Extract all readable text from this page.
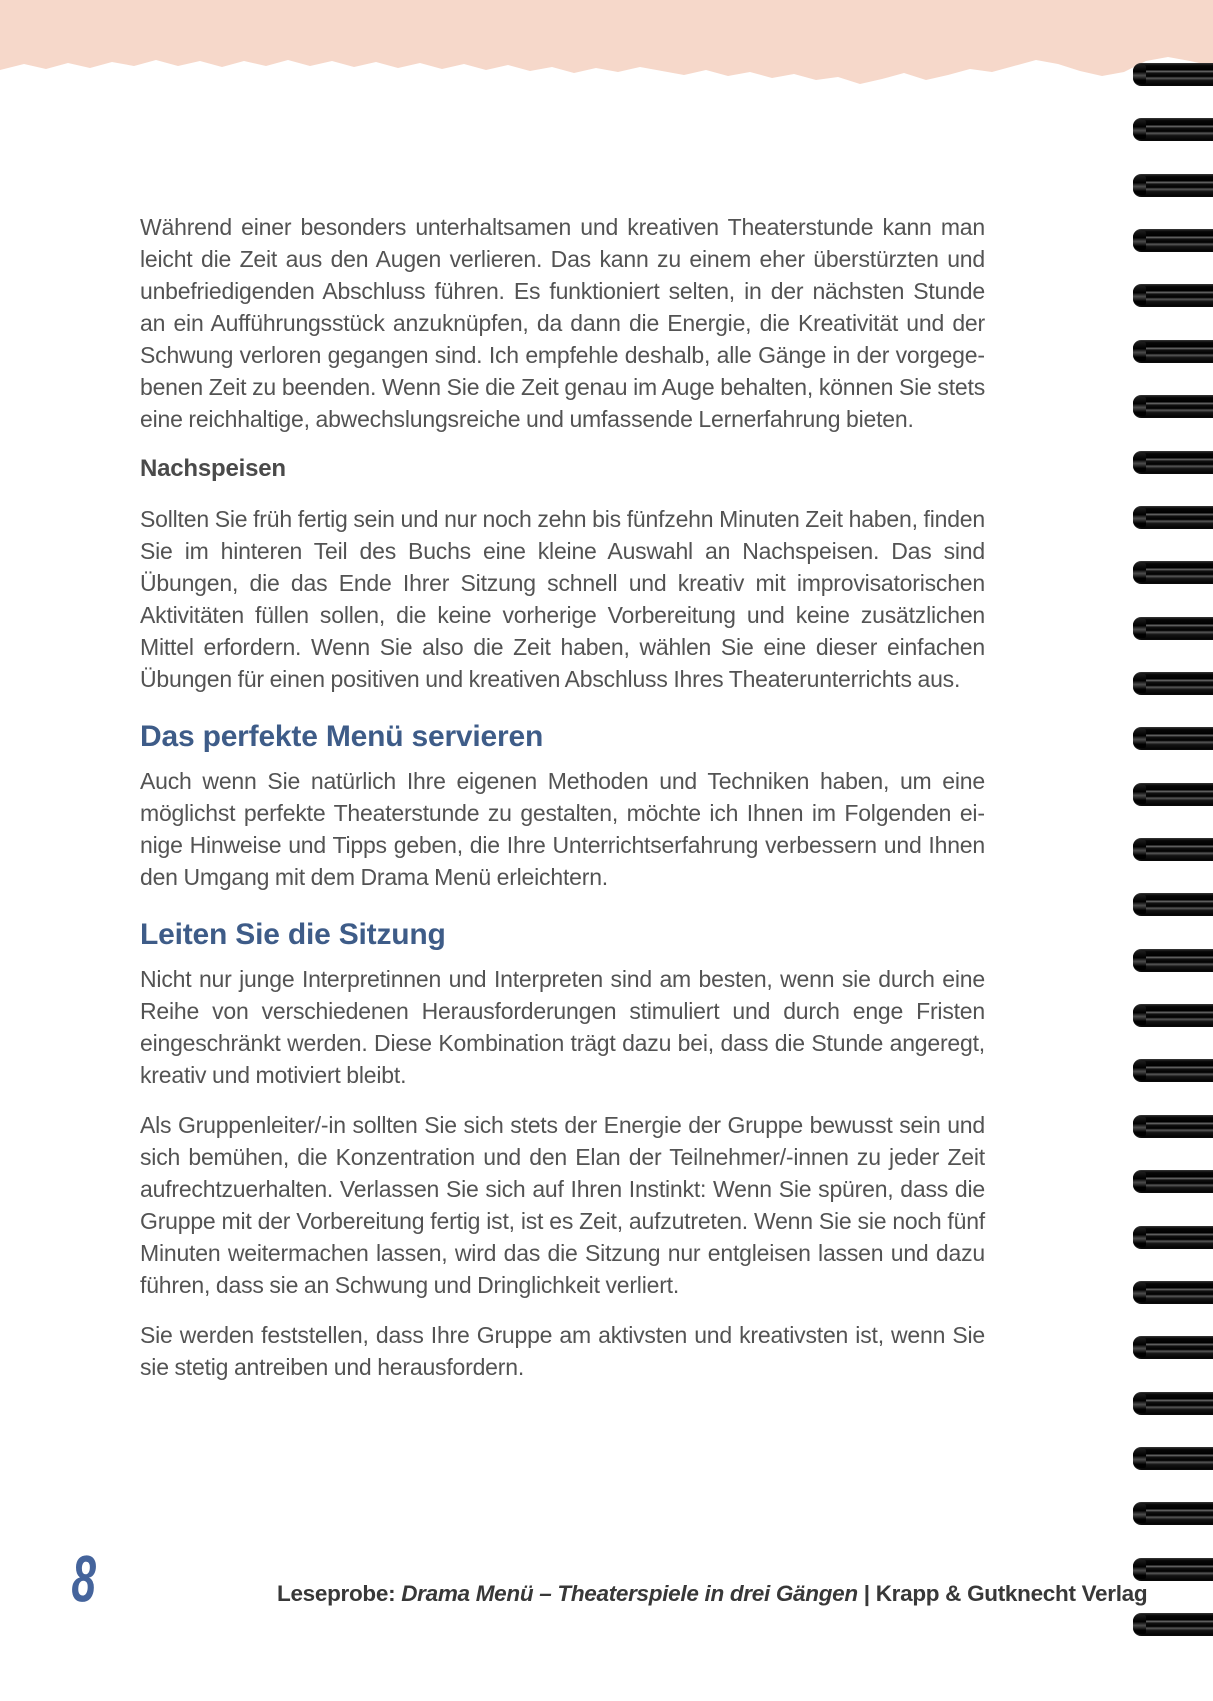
Während einer besonders unterhaltsamen und kreativen Theaterstunde kann man leicht die Zeit aus den Augen verlieren. Das kann zu einem eher überstürzten und unbefriedigenden Abschluss führen. Es funktioniert selten, in der nächsten Stunde an ein Aufführungsstück anzuknüpfen, da dann die Energie, die Kreativität und der Schwung verloren gegangen sind. Ich empfehle deshalb, alle Gänge in der vorgegebenen Zeit zu beenden. Wenn Sie die Zeit genau im Auge behalten, können Sie stets eine reichhaltige, abwechslungsreiche und umfassende Lernerfahrung bieten.

Nachspeisen

Sollten Sie früh fertig sein und nur noch zehn bis fünfzehn Minuten Zeit haben, finden Sie im hinteren Teil des Buchs eine kleine Auswahl an Nachspeisen. Das sind Übungen, die das Ende Ihrer Sitzung schnell und kreativ mit improvisatorischen Aktivitäten füllen sollen, die keine vorherige Vorbereitung und keine zusätzlichen Mittel erfordern. Wenn Sie also die Zeit haben, wählen Sie eine dieser einfachen Übungen für einen positiven und kreativen Abschluss Ihres Theaterunterrichts aus.

Das perfekte Menü servieren

Auch wenn Sie natürlich Ihre eigenen Methoden und Techniken haben, um eine möglichst perfekte Theaterstunde zu gestalten, möchte ich Ihnen im Folgenden einige Hinweise und Tipps geben, die Ihre Unterrichtserfahrung verbessern und Ihnen den Umgang mit dem Drama Menü erleichtern.

Leiten Sie die Sitzung

Nicht nur junge Interpretinnen und Interpreten sind am besten, wenn sie durch eine Reihe von verschiedenen Herausforderungen stimuliert und durch enge Fristen eingeschränkt werden. Diese Kombination trägt dazu bei, dass die Stunde angeregt, kreativ und motiviert bleibt.

Als Gruppenleiter/-in sollten Sie sich stets der Energie der Gruppe bewusst sein und sich bemühen, die Konzentration und den Elan der Teilnehmer/-innen zu jeder Zeit aufrechtzuerhalten. Verlassen Sie sich auf Ihren Instinkt: Wenn Sie spüren, dass die Gruppe mit der Vorbereitung fertig ist, ist es Zeit, aufzutreten. Wenn Sie sie noch fünf Minuten weitermachen lassen, wird das die Sitzung nur entgleisen lassen und dazu führen, dass sie an Schwung und Dringlichkeit verliert.

Sie werden feststellen, dass Ihre Gruppe am aktivsten und kreativsten ist, wenn Sie sie stetig antreiben und herausfordern.

8	Leseprobe: Drama Menü – Theaterspiele in drei Gängen | Krapp & Gutknecht Verlag
